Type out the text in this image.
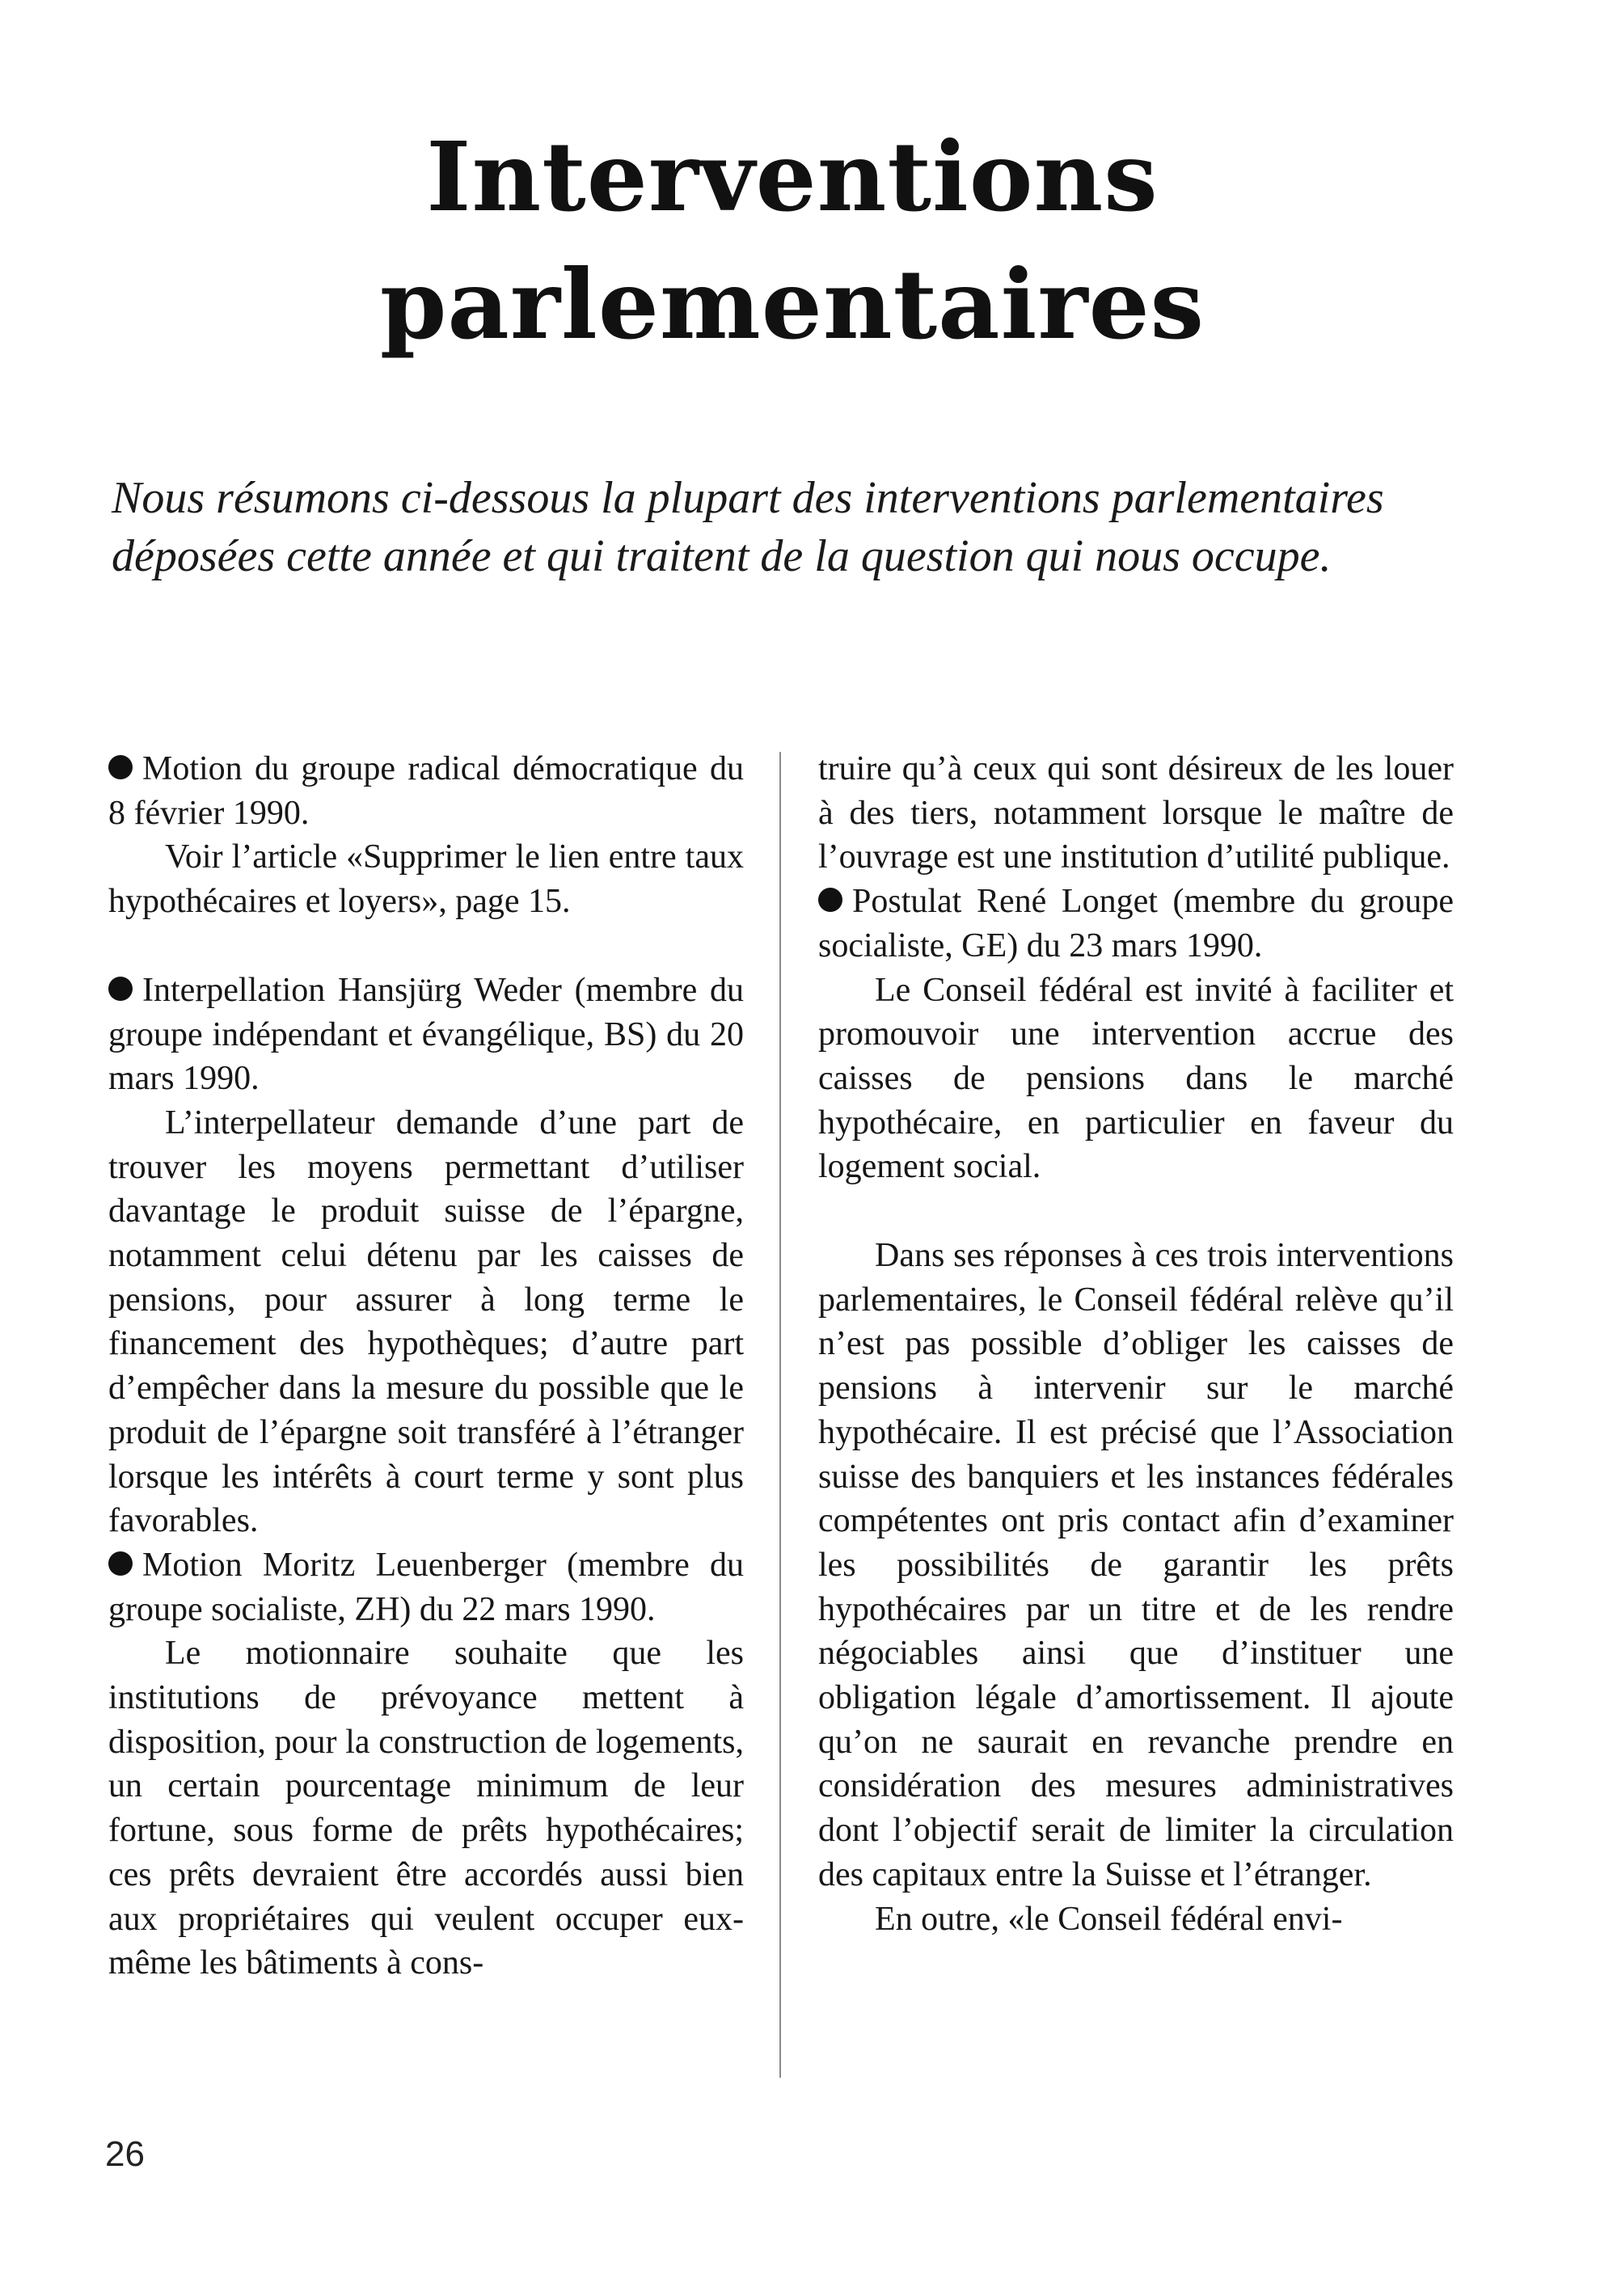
Interventions
parlementaires

Nous résumons ci-dessous la plupart des interventions parlementaires déposées cette année et qui traitent de la question qui nous occupe.

Motion du groupe radical démocratique du 8 février 1990.

Voir l’article «Supprimer le lien entre taux hypothécaires et loyers», page 15.

Interpellation Hansjürg Weder (membre du groupe indépendant et évangélique, BS) du 20 mars 1990.

L’interpellateur demande d’une part de trouver les moyens permettant d’utiliser davantage le produit suisse de l’épargne, notamment celui détenu par les caisses de pensions, pour assurer à long terme le financement des hypothèques; d’autre part d’empêcher dans la mesure du possible que le produit de l’épargne soit transféré à l’étranger lorsque les intérêts à court terme y sont plus favorables.

Motion Moritz Leuenberger (membre du groupe socialiste, ZH) du 22 mars 1990.

Le motionnaire souhaite que les institutions de prévoyance mettent à disposition, pour la construction de logements, un certain pourcentage minimum de leur fortune, sous forme de prêts hypothécaires; ces prêts devraient être accordés aussi bien aux propriétaires qui veulent occuper eux-même les bâtiments à cons-

truire qu’à ceux qui sont désireux de les louer à des tiers, notamment lorsque le maître de l’ouvrage est une institution d’utilité publique.

Postulat René Longet (membre du groupe socialiste, GE) du 23 mars 1990.

Le Conseil fédéral est invité à faciliter et promouvoir une intervention accrue des caisses de pensions dans le marché hypothécaire, en particulier en faveur du logement social.

Dans ses réponses à ces trois interventions parlementaires, le Conseil fédéral relève qu’il n’est pas possible d’obliger les caisses de pensions à intervenir sur le marché hypothécaire. Il est précisé que l’Association suisse des banquiers et les instances fédérales compétentes ont pris contact afin d’examiner les possibilités de garantir les prêts hypothécaires par un titre et de les rendre négociables ainsi que d’instituer une obligation légale d’amortissement. Il ajoute qu’on ne saurait en revanche prendre en considération des mesures administratives dont l’objectif serait de limiter la circulation des capitaux entre la Suisse et l’étranger.

En outre, «le Conseil fédéral envi-

26
